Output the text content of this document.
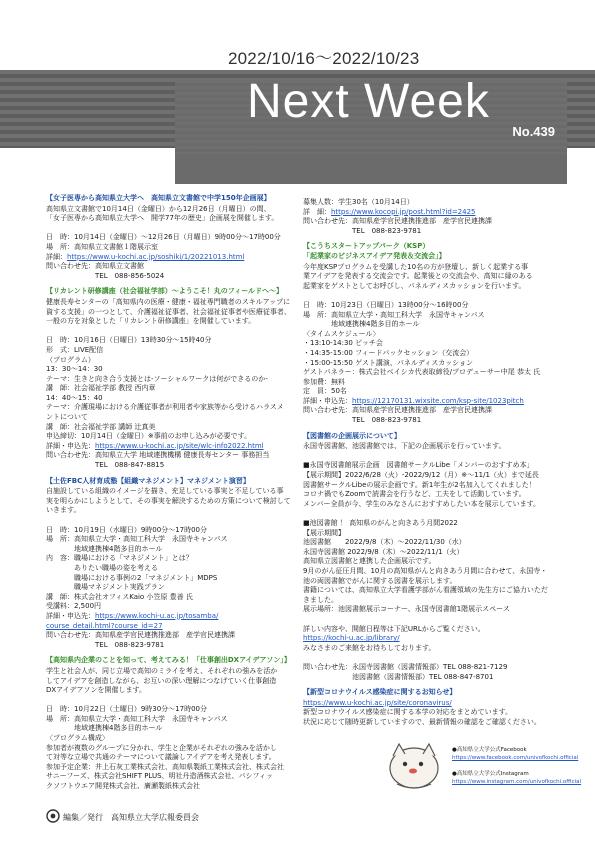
2022/10/16～2022/10/23
Next Week
No.439

【女子医専から高知県立大学へ　高知県立文書館で中学150年企画展】

高知県立文書館で10月14日（金曜日）から12月26日（月曜日）の間、
「女子医専から高知県立大学へ　開学77年の歴史」企画展を開催します。

日　時：10月14日（金曜日）～12月26日（月曜日）9時00分～17時00分
場　所：高知県立文書館１階展示室
詳細：https://www.u-kochi.ac.jp/soshiki/1/20221013.html
問い合わせ先：高知県立文書館
　　　　　　　TEL　088-856-5024

【リカレント研修講座（社会福祉学部）～ようこそ！丸のフィールドへ～】

健康長寿センターの「高知県内の医療・健康・福祉専門職者のスキルアップに
資する支援」の一つとして、介護福祉従事者、社会福祉従事者や医療従事者、
一般の方を対象とした「リカレント研修講座」を開催しています。

日　時：10月16日（日曜日）13時30分～15時40分
形　式：LIVE配信
（プログラム）
13：30～14：30
テーマ：生きと向き合う支援とは-ソーシャルワークは何ができるのか-
講　師：社会福祉学部 教授 西内章
14：40～15：40
テーマ：介護現場における介護従事者が利用者や家族等から受けるハラスメ
ントについて
講　師：社会福祉学部 講師 辻真美
申込締切：10月14日（金曜日）※事前のお申し込みが必要です。
詳細・申込先：https://www.u-kochi.ac.jp/site/wlc-info2022.html
問い合わせ先：高知県立大学 地域連携機構 健康長寿センター 事務担当
　　　　　　　TEL　088-847-8815

【土佐FBC人材育成塾【組織マネジメント】マネジメント演習】

自施設している組織のイメージを描き、充足している事実と不足している事
実を明らかにしようとして、その事実を解決するための方策について検討して
いきます。

日　時：10月19日（水曜日）9時00分～17時00分
場　所：高知県立大学・高知工科大学　永国寺キャンパス
　　　　地域連携棟4階多目的ホール
内　容：職場における「マネジメント」とは？
　　　　ありたい職場の姿を考える
　　　　職場における事例の2「マネジメント」MDPS
　　　　職場マネジメント実践プラン
講　師：株式会社オフィスKaio 小笠原 豊善 氏
受講料：2,500円
詳細・申込先：https://www.kochi-u.ac.jp/tosamba/
course_detail.html?course_id=27
問い合わせ先：高知県産学官民連携推進部　産学官民連携課
　　　　　　　TEL　088-823-9781

【高知県内企業のことを知って、考えてみる！「仕事創出DXアイデアソン」】

学生と社会人が、同じ立場で高知のミライを考え、それぞれの強みを活か
してアイデアを創造しながら、お互いの深い理解につなげていく仕事創造
DXアイデアソンを開催します。

日　時：10月22日（土曜日）9時30分～17時00分
場　所：高知県立大学・高知工科大学　永国寺キャンパス
　　　　地域連携棟4階多目的ホール
〈プログラム構成〉
参加者が複数のグループに分かれ、学生と企業がそれぞれの強みを活かし
て対等な立場で共通のテーマについて議論しアイデアを考え発表します。
参加予定企業：井上石灰工業株式会社、高知県製紙工業株式会社、株式会社
サニーフーズ、株式会社SHIFT PLUS、明社丹造酒株式会社、パシフィッ
クソフトウエア開発株式会社、廣瀬製紙株式会社

募集人数：学生30名（10月14日）
詳　細：https://www.kocopi.jp/post.html?id=2425
問い合わせ先：高知県産学官民連携推進部　産学官民連携課
　　　　　　　TEL　088-823-9781

【こうちスタートアップパーク（KSP）
「起業家のビジネスアイデア発表＆交流会」】

今年度KSPプログラムを受講した10名の方が登壇し、新しく起業する事
業アイデアを発表する交流会です。起業後との交流会や、高知に縁のある
起業家をゲストとしてお呼びし、パネルディスカッションを行います。

日　時：10月23日（日曜日）13時00分～16時00分
場　所：高知県立大学・高知工科大学　永国寺キャンパス
　　　　地域連携棟4階多目的ホール
〈タイムスケジュール〉
・13:10-14:30 ピッチ会
・14:35-15:00 フィードバックセッション（交流会）
・15:00-15:50 ゲスト講演、パネルディスカッション
ゲストパネラー：株式会社ベイシカ代表取締役/プロデューサー中尾 恭太 氏
参加費：無料
定　員：50名
詳細・申込先：https://12170131.wixsite.com/ksp-site/1023pitch
問い合わせ先：高知県産学官民連携推進部　産学官民連携課
　　　　　　　TEL　088-823-9781

【図書館の企画展示について】

永国寺図書館、池図書館では、下記の企画展示を行っています。

■永国寺図書館展示企画　図書館サークルLibe「メンバーのおすすめ本」
【展示期間】2022/6/28（火）-2022/9/12（月）※～11/1（火）まで延長
図書館サークルLibeの展示企画です。新1年生が2名加入してくれました！
コロナ禍でもZoomで読書会を行うなど、工夫をして活動しています。
メンバー全員が今、学生のみなさんにおすすめしたい本を展示しています。

■池図書館 ！ 高知県のがんと向きあう月間2022
【展示期間】
池図書館　　2022/9/8（木）～2022/11/30（水）
永国寺図書館 2022/9/8（木）～2022/11/1（火）
高知県立図書館と連携した企画展示です。
9月のがん征圧月間、10月の高知県がんと向きあう月間に合わせて、永国寺・
池の両図書館でがんに関する図書を展示します。
書籍については、高知県立大学看護学部がん看護領域の先生方にご協力いただ
きました。
展示場所：池図書館展示コーナー、永国寺図書館1階展示スペース

詳しい内容や、開館日程等は下記URLからご覧ください。
https://kochi-u.ac.jp/library/
みなさまのご来館をお待ちしております。

問い合わせ先：永国寺図書館（図書情報部）TEL 088-821-7129
　　　　　　　池図書館（図書情報部）TEL 088-847-8701

【新型コロナウイルス感染症に関するお知らせ】

https://www.u-kochi.ac.jp/site/coronavirus/
新型コロナウイルス感染症に関する本学の対応をまとめています。
状況に応じて随時更新していますので、最新情報の確認をご確認ください。

●高知県立大学公式Facebook
https://www.facebook.com/univofkochi.official
●高知県立大学公式Instagram
https://www.instagram.com/univofkochi.official
編集／発行　高知県立大学広報委員会
